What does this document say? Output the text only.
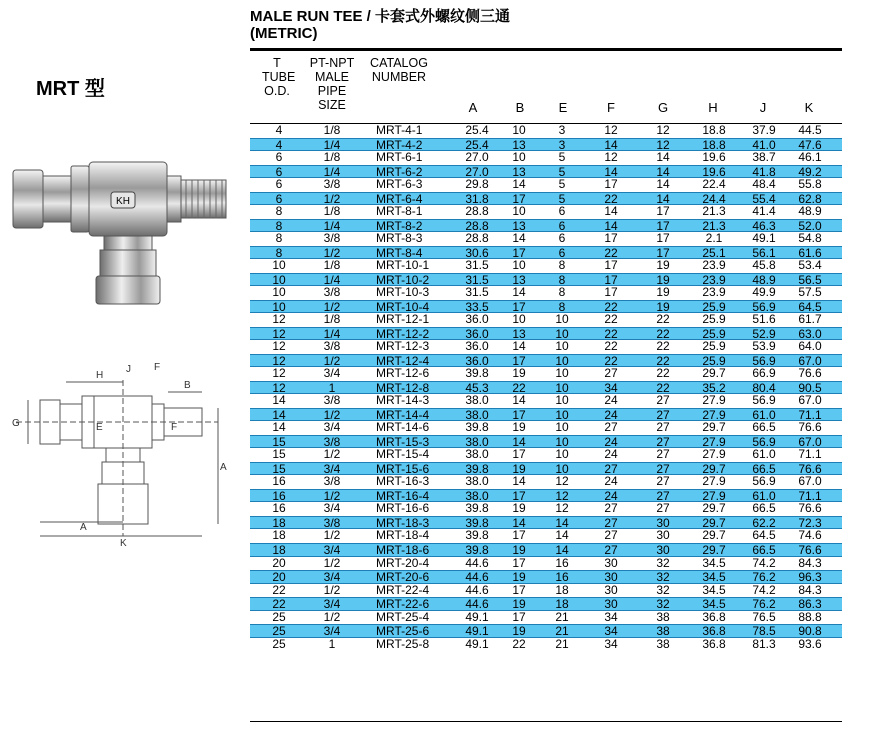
MALE RUN TEE / 卡套式外螺纹侧三通
(METRIC)
MRT 型
KH
H
J F
B
G	E	F
A
A
K
T
TUBE
O.D.
PT-NPT
MALE
PIPE
SIZE
CATALOG
NUMBER
A	B	E	F	G	H	J	K
4	1/8	MRT-4-1	25.4	10	3	12	12	18.8	37.9	44.5
4	1/4	MRT-4-2	25.4	13	3	14	12	18.8	41.0	47.6
6	1/8	MRT-6-1	27.0	10	5	12	14	19.6	38.7	46.1
6	1/4	MRT-6-2	27.0	13	5	14	14	19.6	41.8	49.2
6	3/8	MRT-6-3	29.8	14	5	17	14	22.4	48.4	55.8
6	1/2	MRT-6-4	31.8	17	5	22	14	24.4	55.4	62.8
8	1/8	MRT-8-1	28.8	10	6	14	17	21.3	41.4	48.9
8	1/4	MRT-8-2	28.8	13	6	14	17	21.3	46.3	52.0
8	3/8	MRT-8-3	28.8	14	6	17	17	2.1	49.1	54.8
8	1/2	MRT-8-4	30.6	17	6	22	17	25.1	56.1	61.6
10	1/8	MRT-10-1	31.5	10	8	17	19	23.9	45.8	53.4
10	1/4	MRT-10-2	31.5	13	8	17	19	23.9	48.9	56.5
10	3/8	MRT-10-3	31.5	14	8	17	19	23.9	49.9	57.5
10	1/2	MRT-10-4	33.5	17	8	22	19	25.9	56.9	64.5
12	1/8	MRT-12-1	36.0	10	10	22	22	25.9	51.6	61.7
12	1/4	MRT-12-2	36.0	13	10	22	22	25.9	52.9	63.0
12	3/8	MRT-12-3	36.0	14	10	22	22	25.9	53.9	64.0
12	1/2	MRT-12-4	36.0	17	10	22	22	25.9	56.9	67.0
12	3/4	MRT-12-6	39.8	19	10	27	22	29.7	66.9	76.6
12	1	MRT-12-8	45.3	22	10	34	22	35.2	80.4	90.5
14	3/8	MRT-14-3	38.0	14	10	24	27	27.9	56.9	67.0
14	1/2	MRT-14-4	38.0	17	10	24	27	27.9	61.0	71.1
14	3/4	MRT-14-6	39.8	19	10	27	27	29.7	66.5	76.6
15	3/8	MRT-15-3	38.0	14	10	24	27	27.9	56.9	67.0
15	1/2	MRT-15-4	38.0	17	10	24	27	27.9	61.0	71.1
15	3/4	MRT-15-6	39.8	19	10	27	27	29.7	66.5	76.6
16	3/8	MRT-16-3	38.0	14	12	24	27	27.9	56.9	67.0
16	1/2	MRT-16-4	38.0	17	12	24	27	27.9	61.0	71.1
16	3/4	MRT-16-6	39.8	19	12	27	27	29.7	66.5	76.6
18	3/8	MRT-18-3	39.8	14	14	27	30	29.7	62.2	72.3
18	1/2	MRT-18-4	39.8	17	14	27	30	29.7	64.5	74.6
18	3/4	MRT-18-6	39.8	19	14	27	30	29.7	66.5	76.6
20	1/2	MRT-20-4	44.6	17	16	30	32	34.5	74.2	84.3
20	3/4	MRT-20-6	44.6	19	16	30	32	34.5	76.2	96.3
22	1/2	MRT-22-4	44.6	17	18	30	32	34.5	74.2	84.3
22	3/4	MRT-22-6	44.6	19	18	30	32	34.5	76.2	86.3
25	1/2	MRT-25-4	49.1	17	21	34	38	36.8	76.5	88.8
25	3/4	MRT-25-6	49.1	19	21	34	38	36.8	78.5	90.8
25	1	MRT-25-8	49.1	22	21	34	38	36.8	81.3	93.6
